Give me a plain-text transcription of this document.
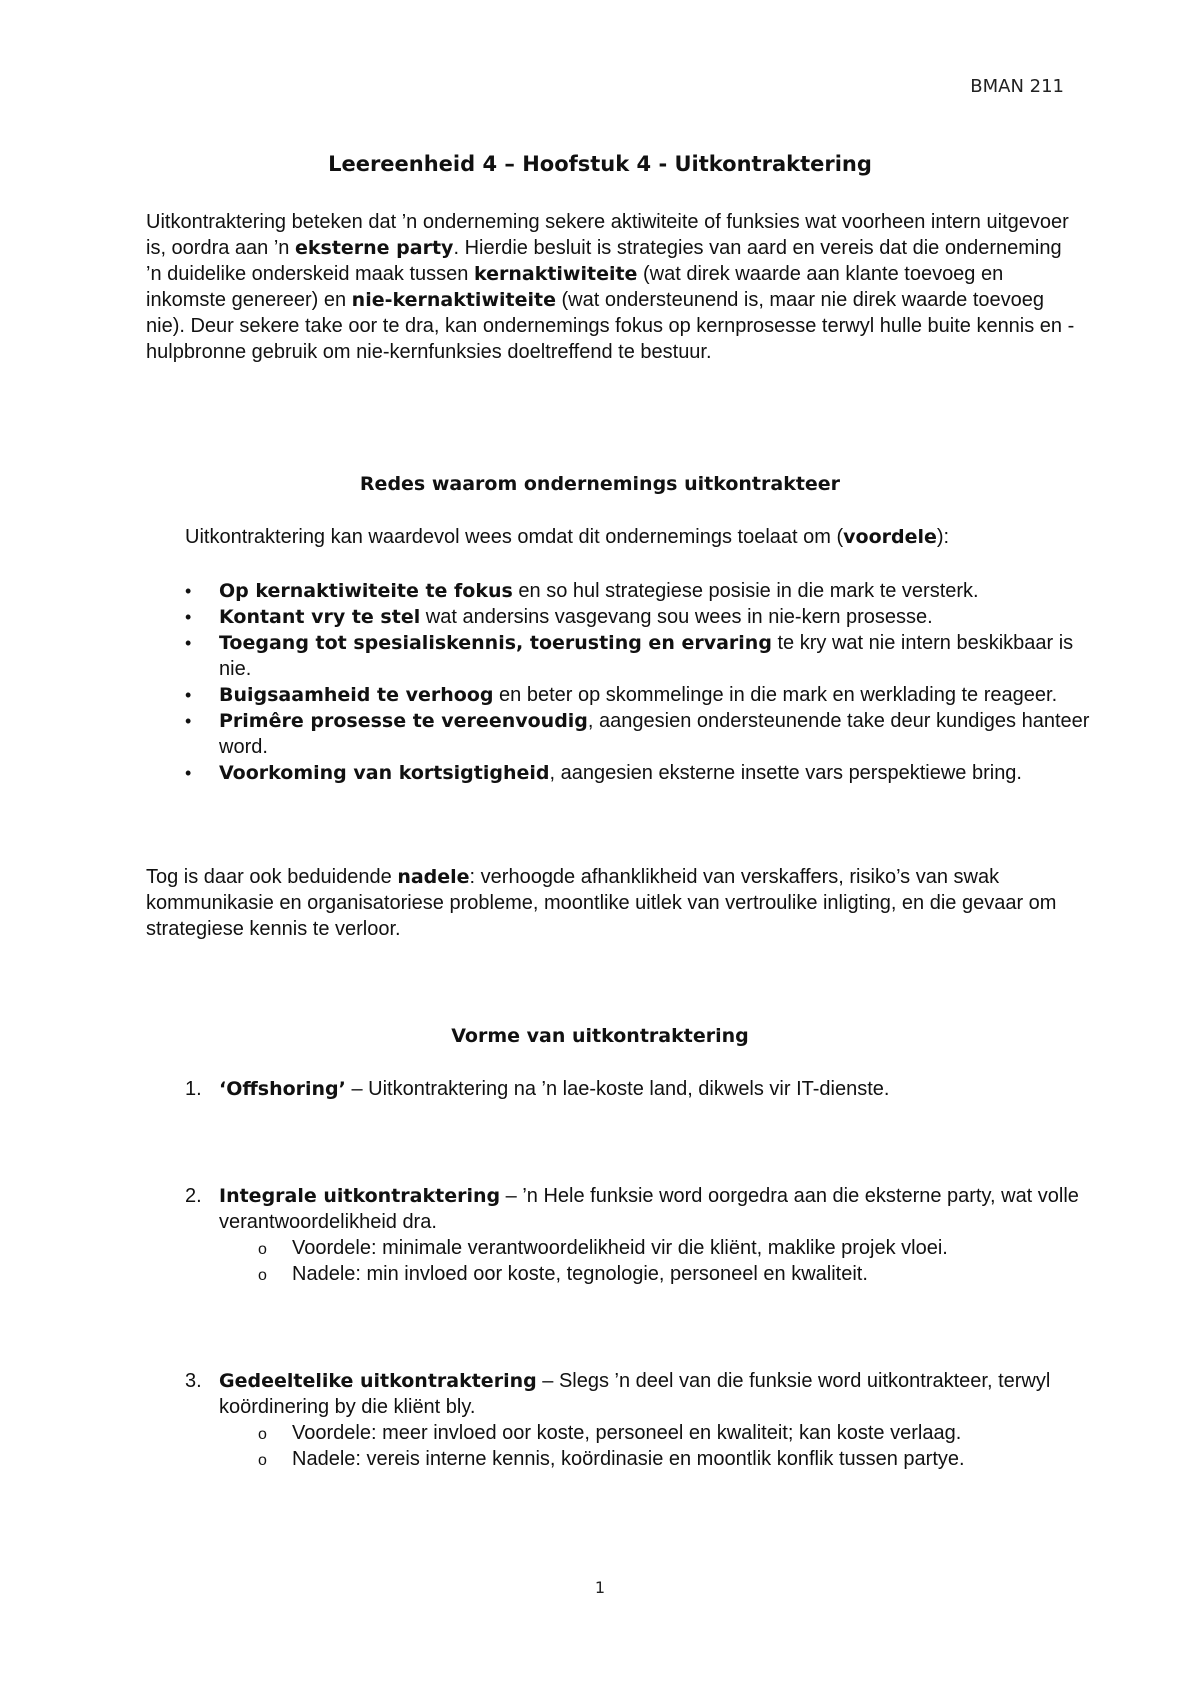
BMAN 211
Leereenheid 4 – Hoofstuk 4 - Uitkontraktering

Uitkontraktering beteken dat ’n onderneming sekere aktiwiteite of funksies wat voorheen intern uitgevoer is, oordra aan ’n eksterne party. Hierdie besluit is strategies van aard en vereis dat die onderneming ’n duidelike onderskeid maak tussen kernaktiwiteite (wat direk waarde aan klante toevoeg en inkomste genereer) en nie-kernaktiwiteite (wat ondersteunend is, maar nie direk waarde toevoeg nie). Deur sekere take oor te dra, kan ondernemings fokus op kernprosesse terwyl hulle buite kennis en -hulpbronne gebruik om nie-kernfunksies doeltreffend te bestuur.

Redes waarom ondernemings uitkontrakteer

Uitkontraktering kan waardevol wees omdat dit ondernemings toelaat om (voordele):

• Op kernaktiwiteite te fokus en so hul strategiese posisie in die mark te versterk.
• Kontant vry te stel wat andersins vasgevang sou wees in nie-kern prosesse.
• Toegang tot spesialiskennis, toerusting en ervaring te kry wat nie intern beskikbaar is nie.
• Buigsaamheid te verhoog en beter op skommelinge in die mark en werklading te reageer.
• Primêre prosesse te vereenvoudig, aangesien ondersteunende take deur kundiges hanteer word.
• Voorkoming van kortsigtigheid, aangesien eksterne insette vars perspektiewe bring.

Tog is daar ook beduidende nadele: verhoogde afhanklikheid van verskaffers, risiko’s van swak kommunikasie en organisatoriese probleme, moontlike uitlek van vertroulike inligting, en die gevaar om strategiese kennis te verloor.

Vorme van uitkontraktering
1. ‘Offshoring’ – Uitkontraktering na ’n lae-koste land, dikwels vir IT-dienste.
2. Integrale uitkontraktering – ’n Hele funksie word oorgedra aan die eksterne party, wat volle verantwoordelikheid dra.
o Voordele: minimale verantwoordelikheid vir die kliënt, maklike projek vloei.
o Nadele: min invloed oor koste, tegnologie, personeel en kwaliteit.
3. Gedeeltelike uitkontraktering – Slegs ’n deel van die funksie word uitkontrakteer, terwyl koördinering by die kliënt bly.
o Voordele: meer invloed oor koste, personeel en kwaliteit; kan koste verlaag.
o Nadele: vereis interne kennis, koördinasie en moontlik konflik tussen partye.
1
